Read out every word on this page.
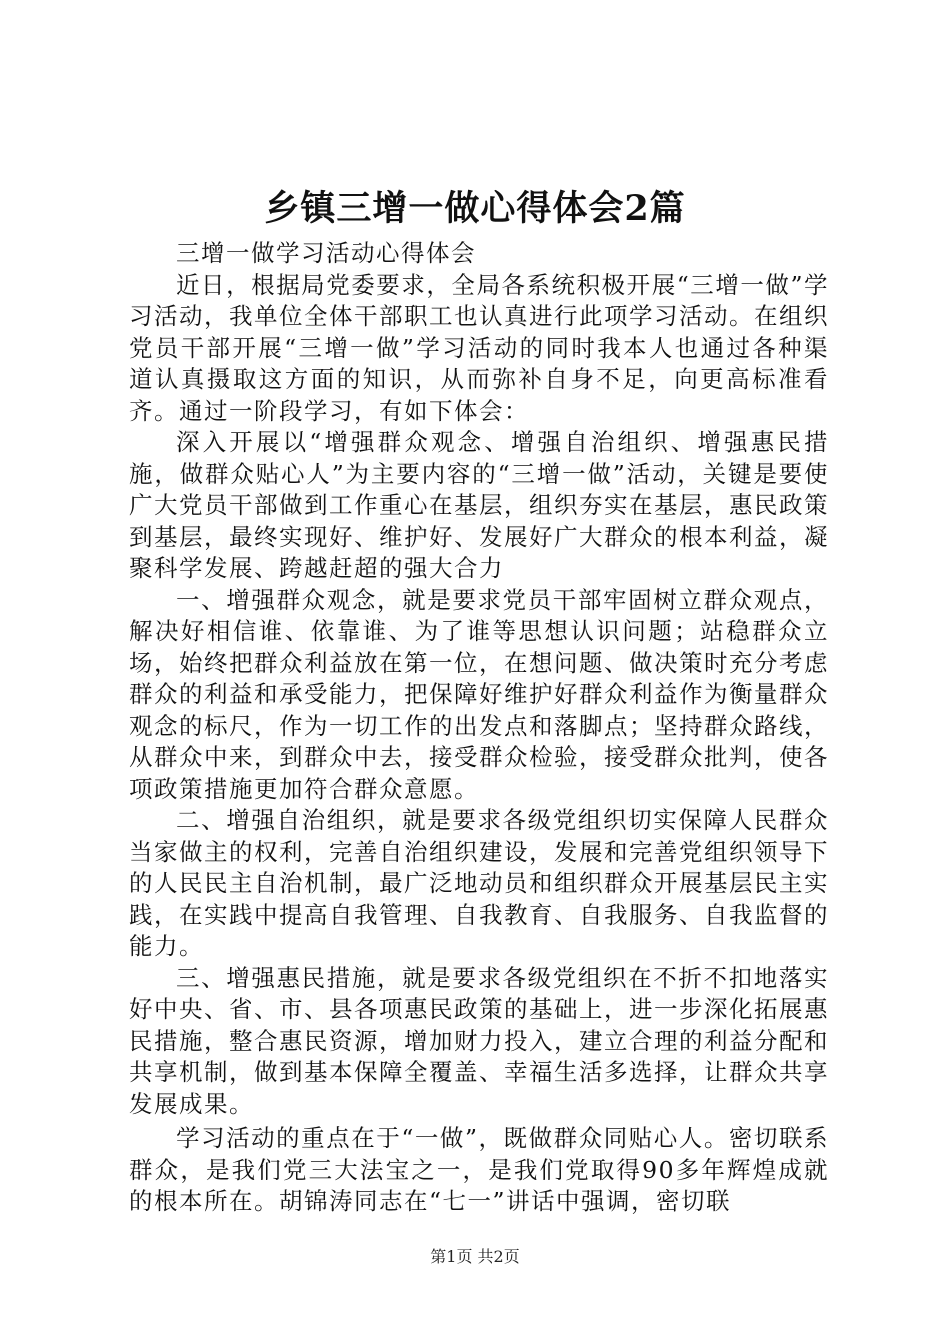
乡镇三增一做心得体会2篇

三增一做学习活动心得体会

近日，根据局党委要求，全局各系统积极开展“三增一做”学习活动，我单位全体干部职工也认真进行此项学习活动。在组织党员干部开展“三增一做”学习活动的同时我本人也通过各种渠道认真摄取这方面的知识，从而弥补自身不足，向更高标准看齐。通过一阶段学习，有如下体会：

深入开展以“增强群众观念、增强自治组织、增强惠民措施，做群众贴心人”为主要内容的“三增一做”活动，关键是要使广大党员干部做到工作重心在基层，组织夯实在基层，惠民政策到基层，最终实现好、维护好、发展好广大群众的根本利益，凝聚科学发展、跨越赶超的强大合力

一、增强群众观念，就是要求党员干部牢固树立群众观点，解决好相信谁、依靠谁、为了谁等思想认识问题；站稳群众立场，始终把群众利益放在第一位，在想问题、做决策时充分考虑群众的利益和承受能力，把保障好维护好群众利益作为衡量群众观念的标尺，作为一切工作的出发点和落脚点；坚持群众路线，从群众中来，到群众中去，接受群众检验，接受群众批判，使各项政策措施更加符合群众意愿。

二、增强自治组织，就是要求各级党组织切实保障人民群众当家做主的权利，完善自治组织建设，发展和完善党组织领导下的人民民主自治机制，最广泛地动员和组织群众开展基层民主实践，在实践中提高自我管理、自我教育、自我服务、自我监督的能力。

三、增强惠民措施，就是要求各级党组织在不折不扣地落实好中央、省、市、县各项惠民政策的基础上，进一步深化拓展惠民措施，整合惠民资源，增加财力投入，建立合理的利益分配和共享机制，做到基本保障全覆盖、幸福生活多选择，让群众共享发展成果。

学习活动的重点在于“一做”，既做群众同贴心人。密切联系群众，是我们党三大法宝之一，是我们党取得90多年辉煌成就的根本所在。胡锦涛同志在“七一”讲话中强调，密切联

第1页 共2页
